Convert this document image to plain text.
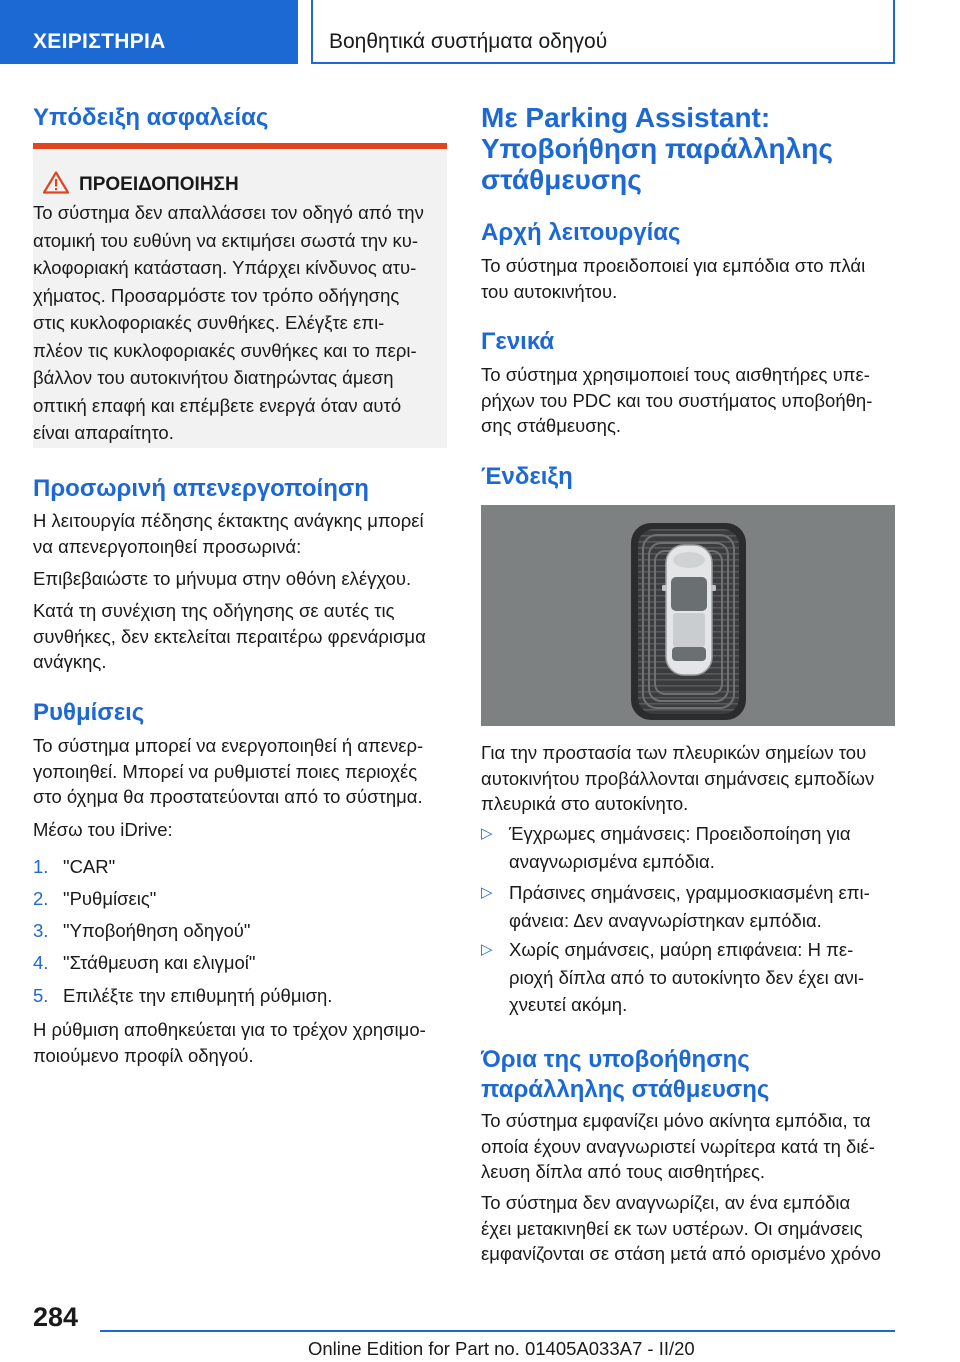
ΧΕΙΡΙΣΤΗΡΙΑ	Βοηθητικά συστήματα οδηγού
Υπόδειξη ασφαλείας
ΠΡΟΕΙΔΟΠΟΙΗΣΗ
Το σύστημα δεν απαλλάσσει τον οδηγό από την
ατομική του ευθύνη να εκτιμήσει σωστά την κυ-
κλοφοριακή κατάσταση. Υπάρχει κίνδυνος ατυ-
χήματος. Προσαρμόστε τον τρόπο οδήγησης
στις κυκλοφοριακές συνθήκες. Ελέγξτε επι-
πλέον τις κυκλοφοριακές συνθήκες και το περι-
βάλλον του αυτοκινήτου διατηρώντας άμεση
οπτική επαφή και επέμβετε ενεργά όταν αυτό
είναι απαραίτητο.
Προσωρινή απενεργοποίηση

Η λειτουργία πέδησης έκτακτης ανάγκης μπορεί

να απενεργοποιηθεί προσωρινά:

Επιβεβαιώστε το μήνυμα στην οθόνη ελέγχου.

Κατά τη συνέχιση της οδήγησης σε αυτές τις

συνθήκες, δεν εκτελείται περαιτέρω φρενάρισμα

ανάγκης.

Ρυθμίσεις

Το σύστημα μπορεί να ενεργοποιηθεί ή απενερ-

γοποιηθεί. Μπορεί να ρυθμιστεί ποιες περιοχές

στο όχημα θα προστατεύονται από το σύστημα.

Μέσω του iDrive:

1. "CAR"
2. "Ρυθμίσεις"
3. "Υποβοήθηση οδηγού"
4. "Στάθμευση και ελιγμοί"
5. Επιλέξτε την επιθυμητή ρύθμιση.

Η ρύθμιση αποθηκεύεται για το τρέχον χρησιμο-

ποιούμενο προφίλ οδηγού.

Με Parking Assistant:
Υποβοήθηση παράλληλης
στάθμευσης
Αρχή λειτουργίας

Το σύστημα προειδοποιεί για εμπόδια στο πλάι

του αυτοκινήτου.

Γενικά

Το σύστημα χρησιμοποιεί τους αισθητήρες υπε-

ρήχων του PDC και του συστήματος υποβοήθη-

σης στάθμευσης.

Ένδειξη

Για την προστασία των πλευρικών σημείων του

αυτοκινήτου προβάλλονται σημάνσεις εμποδίων

πλευρικά στο αυτοκίνητο.

▷ Έγχρωμες σημάνσεις: Προειδοποίηση για
αναγνωρισμένα εμπόδια.
▷ Πράσινες σημάνσεις, γραμμοσκιασμένη επι-
φάνεια: Δεν αναγνωρίστηκαν εμπόδια.
▷ Χωρίς σημάνσεις, μαύρη επιφάνεια: Η πε-
ριοχή δίπλα από το αυτοκίνητο δεν έχει ανι-
χνευτεί ακόμη.
Όρια της υποβοήθησης
παράλληλης στάθμευσης

Το σύστημα εμφανίζει μόνο ακίνητα εμπόδια, τα

οποία έχουν αναγνωριστεί νωρίτερα κατά τη διέ-

λευση δίπλα από τους αισθητήρες.

Το σύστημα δεν αναγνωρίζει, αν ένα εμπόδια

έχει μετακινηθεί εκ των υστέρων. Οι σημάνσεις

εμφανίζονται σε στάση μετά από ορισμένο χρόνο

284
Online Edition for Part no. 01405A033A7 - II/20
